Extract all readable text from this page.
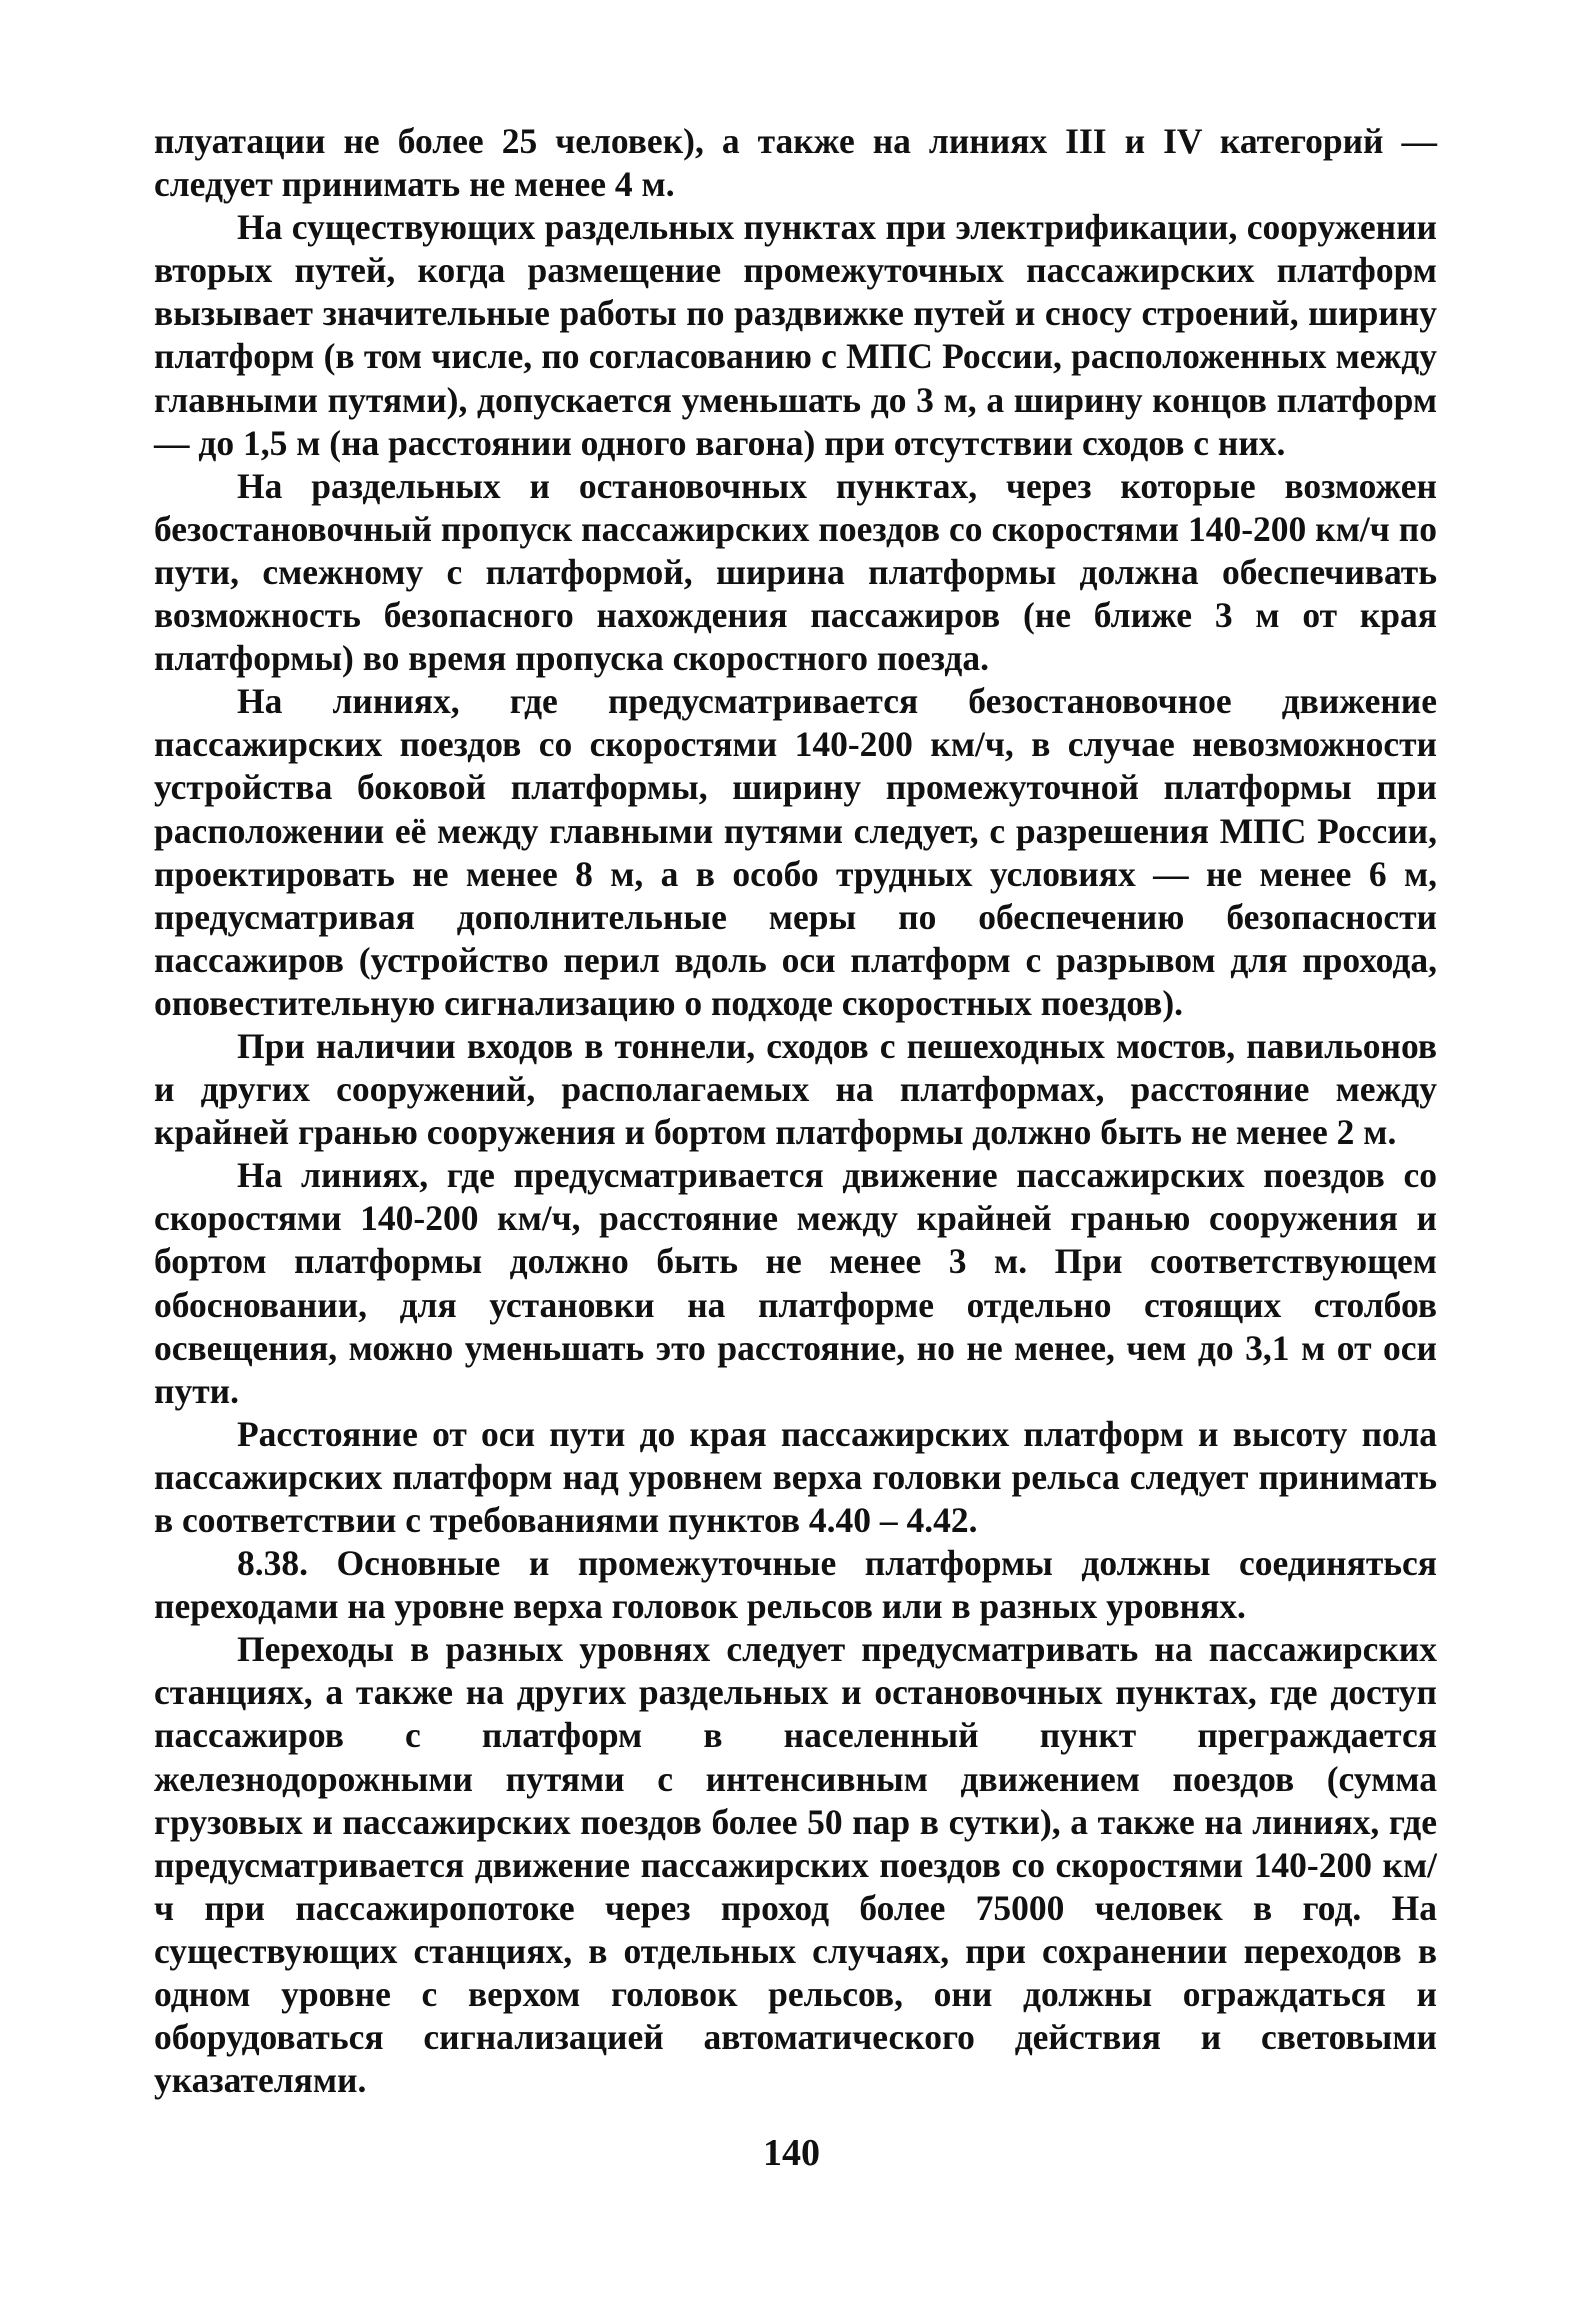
плуатации не более 25 человек), а также на линиях III и IV категорий — следует принимать не менее 4 м.

На существующих раздельных пунктах при электрификации, сооружении вторых путей, когда размещение промежуточных пассажирских платформ вызывает значительные работы по раздвижке путей и сносу строений, ширину платформ (в том числе, по согласованию с МПС России, расположенных между главными путями), допускается уменьшать до 3 м, а ширину концов платформ — до 1,5 м (на расстоянии одного вагона) при отсутствии сходов с них.

На раздельных и остановочных пунктах, через которые возможен безостановочный пропуск пассажирских поездов со скоростями 140-200 км/ч по пути, смежному с платформой, ширина платформы должна обеспечивать возможность безопасного нахождения пассажиров (не ближе 3 м от края платформы) во время пропуска скоростного поезда.

На линиях, где предусматривается безостановочное движение пассажирских поездов со скоростями 140-200 км/ч, в случае невозможности устройства боковой платформы, ширину промежуточной платформы при расположении её между главными путями следует, с разрешения МПС России, проектировать не менее 8 м, а в особо трудных условиях — не менее 6 м, предусматривая дополнительные меры по обеспечению безопасности пассажиров (устройство перил вдоль оси платформ с разрывом для прохода, оповестительную сигнализацию о подходе скоростных поездов).

При наличии входов в тоннели, сходов с пешеходных мостов, павильонов и других сооружений, располагаемых на платформах, расстояние между крайней гранью сооружения и бортом платформы должно быть не менее 2 м.

На линиях, где предусматривается движение пассажирских поездов со скоростями 140-200 км/ч, расстояние между крайней гранью сооружения и бортом платформы должно быть не менее 3 м. При соответствующем обосновании, для установки на платформе отдельно стоящих столбов освещения, можно уменьшать это расстояние, но не менее, чем до 3,1 м от оси пути.

Расстояние от оси пути до края пассажирских платформ и высоту пола пассажирских платформ над уровнем верха головки рельса следует принимать в соответствии с требованиями пунктов 4.40 – 4.42.

8.38. Основные и промежуточные платформы должны соединяться переходами на уровне верха головок рельсов или в разных уровнях.

Переходы в разных уровнях следует предусматривать на пассажирских станциях, а также на других раздельных и остановочных пунктах, где доступ пассажиров с платформ в населенный пункт преграждается железнодорожными путями с интенсивным движением поездов (сумма грузовых и пассажирских поездов более 50 пар в сутки), а также на линиях, где предусматривается движение пассажирских поездов со скоростями 140-200 км/ч при пассажиропотоке через проход более 75000 человек в год. На существующих станциях, в отдельных случаях, при сохранении переходов в одном уровне с верхом головок рельсов, они должны ограждаться и оборудоваться сигнализацией автоматического действия и световыми указателями.

140
